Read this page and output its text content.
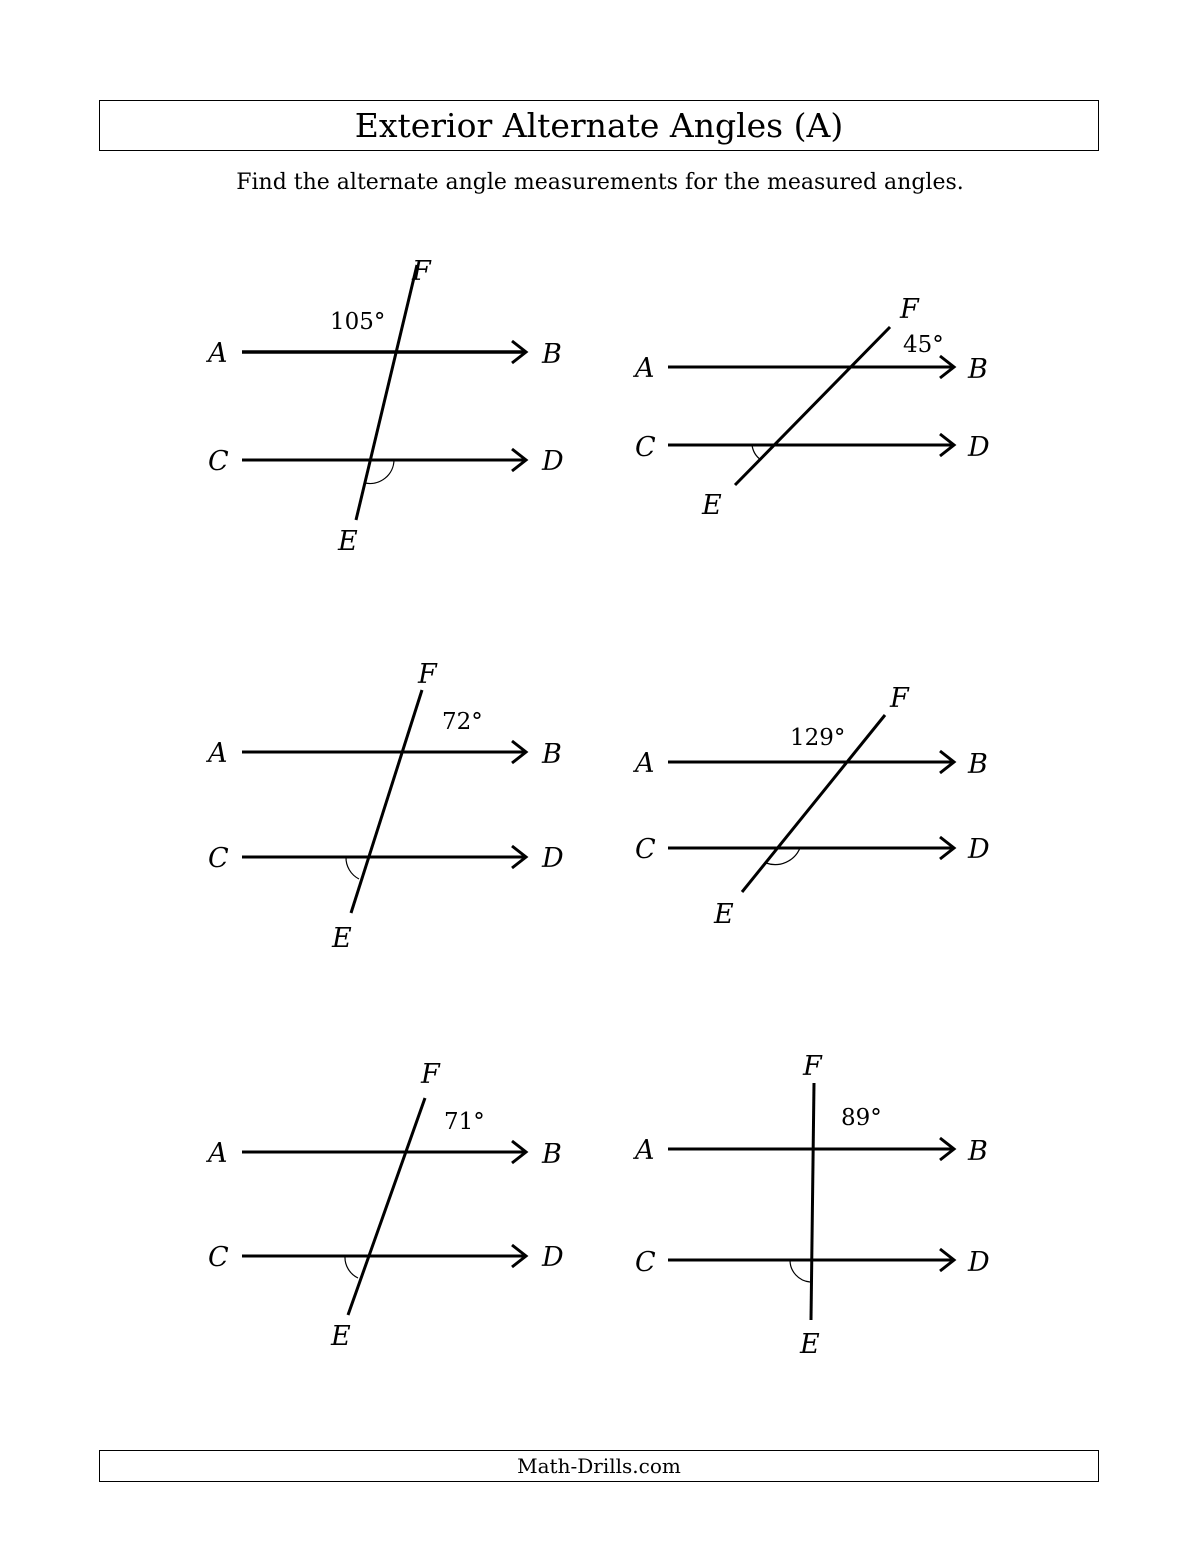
Exterior Alternate Angles (A)
Find the alternate angle measurements for the measured angles.
A	B
C	D
E
F
105°
A	B
C	D
E
F
45°
A	B
C	D
E
F
72°
A	B
C	D
E
F
129°
A	B
C	D
E
F
71°
A	B
C	D
E
F
89°
Math-Drills.com
